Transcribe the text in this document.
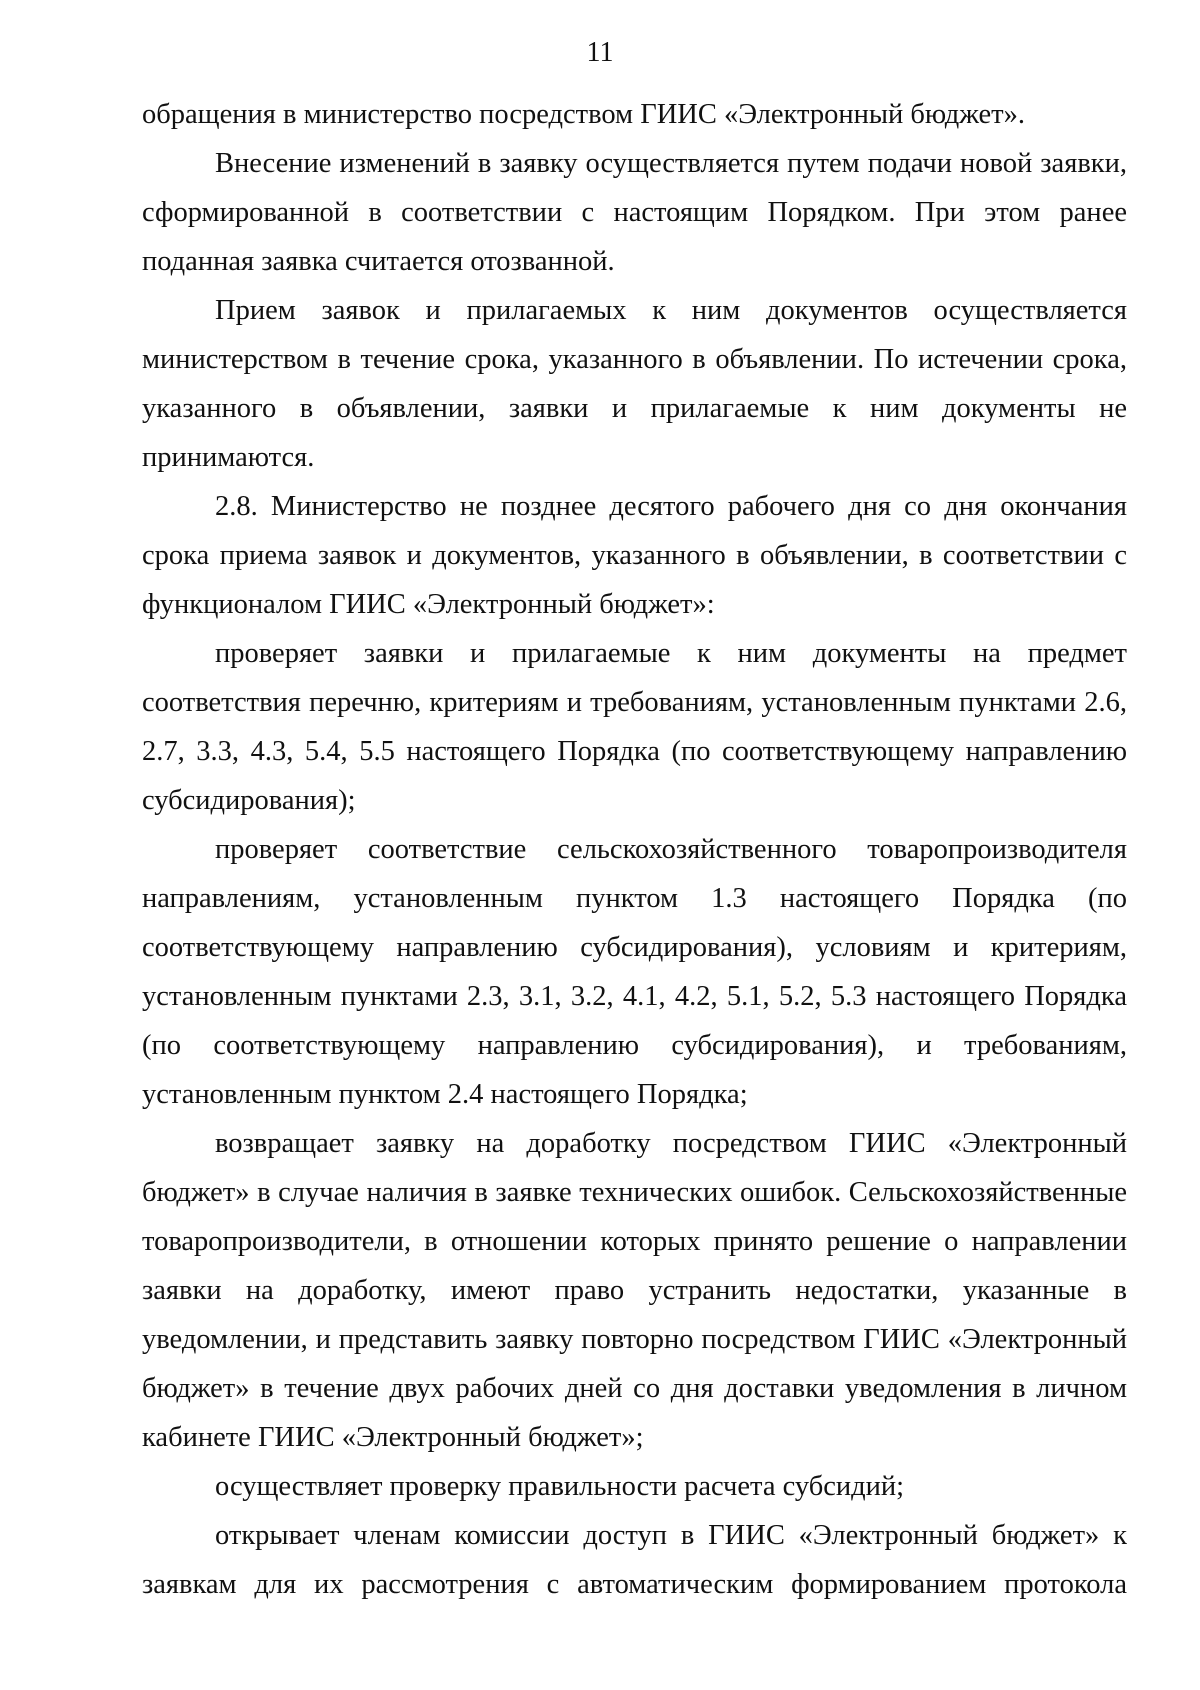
11

обращения в министерство посредством ГИИС «Электронный бюджет».

Внесение изменений в заявку осуществляется путем подачи новой заявки, сформированной в соответствии с настоящим Порядком. При этом ранее поданная заявка считается отозванной.

Прием заявок и прилагаемых к ним документов осуществляется министерством в течение срока, указанного в объявлении. По истечении срока, указанного в объявлении, заявки и прилагаемые к ним документы не принимаются.

2.8. Министерство не позднее десятого рабочего дня со дня окончания срока приема заявок и документов, указанного в объявлении, в соответствии с функционалом ГИИС «Электронный бюджет»:

проверяет заявки и прилагаемые к ним документы на предмет соответствия перечню, критериям и требованиям, установленным пунктами 2.6, 2.7, 3.3, 4.3, 5.4, 5.5 настоящего Порядка (по соответствующему направлению субсидирования);

проверяет соответствие сельскохозяйственного товаропроизводителя направлениям, установленным пунктом 1.3 настоящего Порядка (по соответствующему направлению субсидирования), условиям и критериям, установленным пунктами 2.3, 3.1, 3.2, 4.1, 4.2, 5.1, 5.2, 5.3 настоящего Порядка (по соответствующему направлению субсидирования), и требованиям, установленным пунктом 2.4 настоящего Порядка;

возвращает заявку на доработку посредством ГИИС «Электронный бюджет» в случае наличия в заявке технических ошибок. Сельскохозяйственные товаропроизводители, в отношении которых принято решение о направлении заявки на доработку, имеют право устранить недостатки, указанные в уведомлении, и представить заявку повторно посредством ГИИС «Электронный бюджет» в течение двух рабочих дней со дня доставки уведомления в личном кабинете ГИИС «Электронный бюджет»;

осуществляет проверку правильности расчета субсидий;

открывает членам комиссии доступ в ГИИС «Электронный бюджет» к заявкам для их рассмотрения с автоматическим формированием протокола
